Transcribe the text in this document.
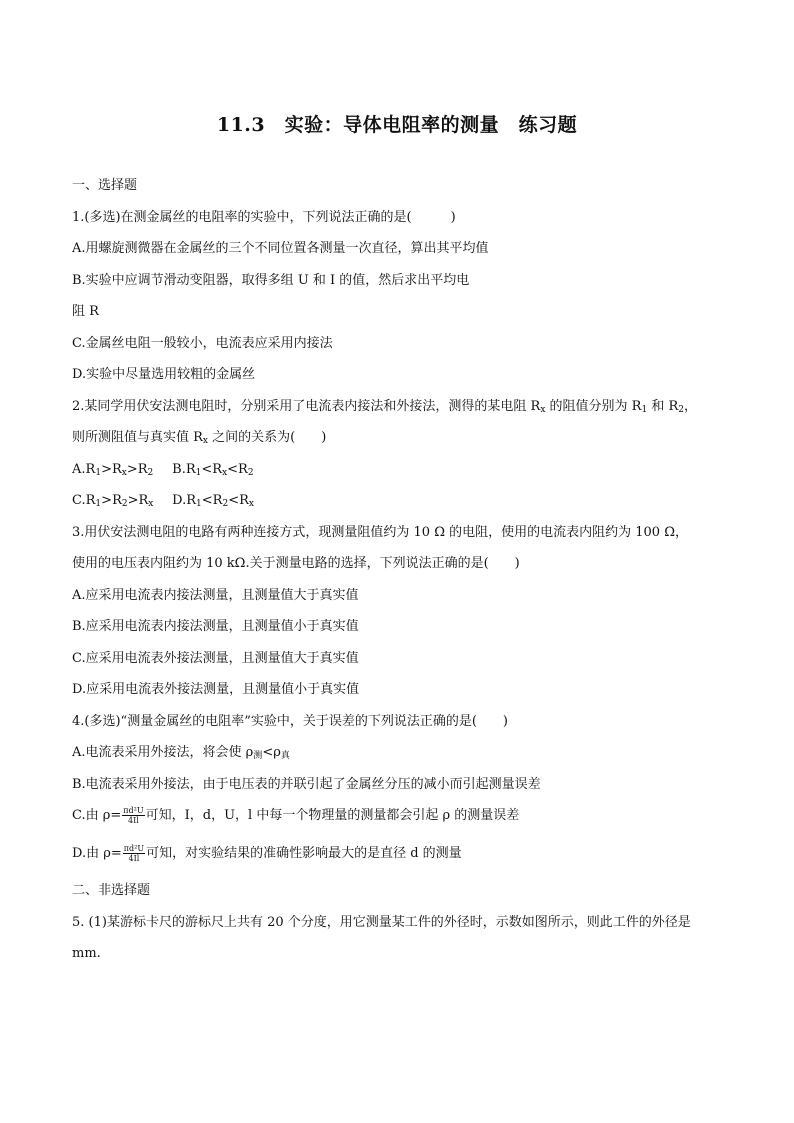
11.3　实验：导体电阻率的测量　练习题
一、选择题
1.(多选)在测金属丝的电阻率的实验中，下列说法正确的是(　　　)
A.用螺旋测微器在金属丝的三个不同位置各测量一次直径，算出其平均值
B.实验中应调节滑动变阻器，取得多组 U 和 I 的值，然后求出平均电
阻 R
C.金属丝电阻一般较小，电流表应采用内接法
D.实验中尽量选用较粗的金属丝
2.某同学用伏安法测电阻时，分别采用了电流表内接法和外接法，测得的某电阻 $R_x$ 的阻值分别为 $R_1$ 和 $R_2$，
则所测阻值与真实值 $R_x$ 之间的关系为(　　)
$A.R_1>R_x>R_2$ $B.R_1<R_x<R_2$
$C.R_1>R_2>R_x$ $D.R_1<R_2<R_x$
3.用伏安法测电阻的电路有两种连接方式，现测量阻值约为 10 Ω 的电阻，使用的电流表内阻约为 100 Ω，
使用的电压表内阻约为 10 kΩ.关于测量电路的选择，下列说法正确的是(　　)
A.应采用电流表内接法测量，且测量值大于真实值
B.应采用电流表内接法测量，且测量值小于真实值
C.应采用电流表外接法测量，且测量值大于真实值
D.应采用电流表外接法测量，且测量值小于真实值
4.(多选)“测量金属丝的电阻率”实验中，关于误差的下列说法正确的是(　　)
A.电流表采用外接法，将会使 $\rho_测<\rho_真$
B.电流表采用外接法，由于电压表的并联引起了金属丝分压的减小而引起测量误差
C.由 $\rho= \frac{\text{πd²U}}{4Il}$ 可知，I，d，U，l 中每一个物理量的测量都会引起 ρ 的测量误差
D.由 $\rho= \frac{\text{πd²U}}{4Il}$ 可知，对实验结果的准确性影响最大的是直径 d 的测量
二、非选择题
5. (1)某游标卡尺的游标尺上共有 20 个分度，用它测量某工件的外径时，示数如图所示，则此工件的外径是
mm.
